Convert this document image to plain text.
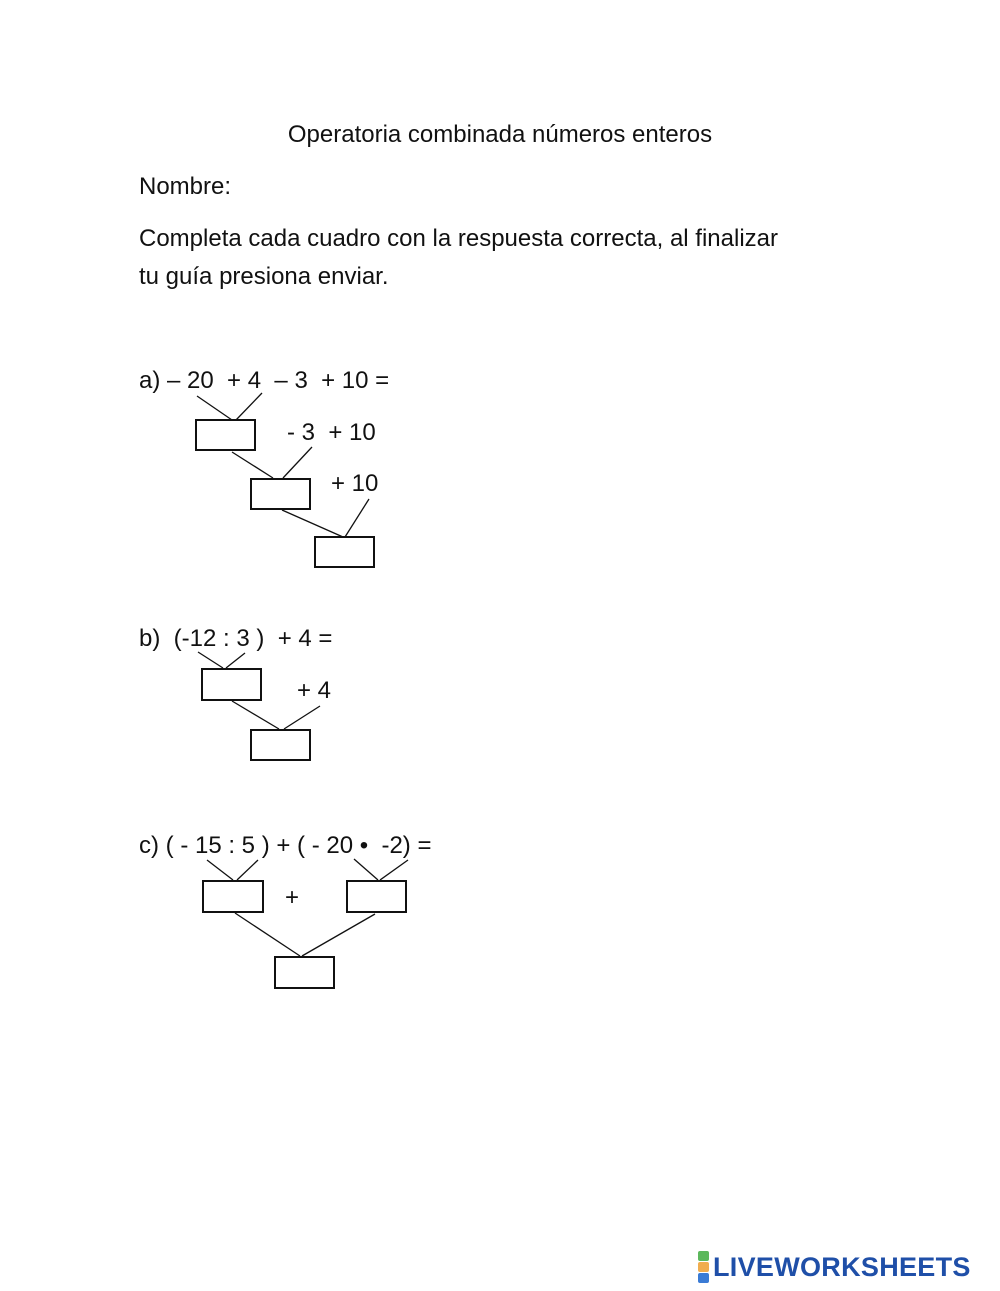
Operatoria combinada números enteros
Nombre:
Completa cada cuadro con la respuesta correcta, al finalizar
tu guía presiona enviar.
a) – 20  + 4  – 3  + 10 =
- 3  + 10
+ 10
b)  (-12 : 3 )  + 4 =
+ 4
c) ( - 15 : 5 ) + ( - 20 •  -2) =
+
LIVEWORKSHEETS
